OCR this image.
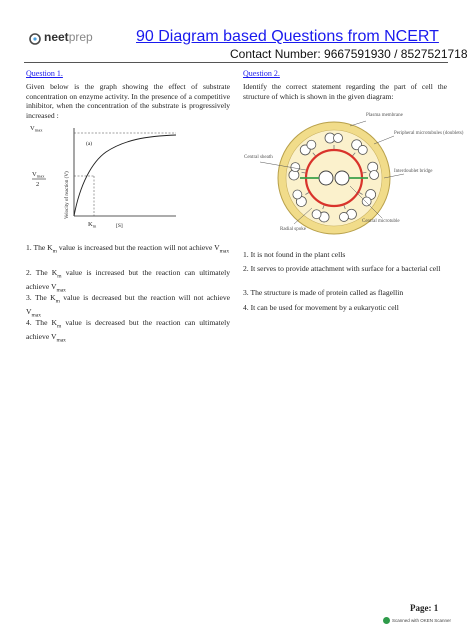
neetprep	90 Diagram based Questions from NCERT
Contact Number: 9667591930 / 8527521718
Question 1.
Given below is the graph showing the effect of substrate concentration on enzyme activity. In the presence of a competitive inhibitor, when the concentration of the substrate is progressively increased :
$V_{max}$
$V_{max}$
2	Velocity of reaction (V)
(a)
$K_m$	[S]
1. The $K_m$ value is increased but the reaction will not achieve $V_{max}$
2. The $K_m$ value is increased but the reaction can ultimately achieve $V_{max}$
3. The $K_m$ value is decreased but the reaction will not achieve $V_{max}$
4. The $K_m$ value is decreased but the reaction can ultimately achieve $V_{max}$
Question 2.
Identify the correct statement regarding the part of cell the structure of which is shown in the given diagram:
Plasma membrane
Peripheral microtubules (doublets)
Central sheath
Interdoublet bridge
Radial spoke
Central microtuble
1. It is not found in the plant cells
2. It serves to provide attachment with surface for a bacterial cell
3. The structure is made of protein called as flagellin
4. It can be used for movement by a eukaryotic cell
Page: 1
Scanned with OKEN Scanner
